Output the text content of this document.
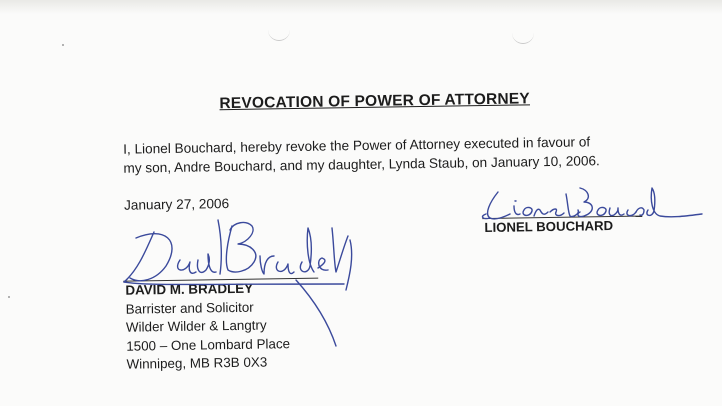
REVOCATION OF POWER OF ATTORNEY

I, Lionel Bouchard, hereby revoke the Power of Attorney executed in favour of
my son, Andre Bouchard, and my daughter, Lynda Staub, on January 10, 2006.

January 27, 2006
LIONEL BOUCHARD
DAVID M. BRADLEY
Barrister and Solicitor
Wilder Wilder & Langtry
1500 – One Lombard Place
Winnipeg, MB R3B 0X3
